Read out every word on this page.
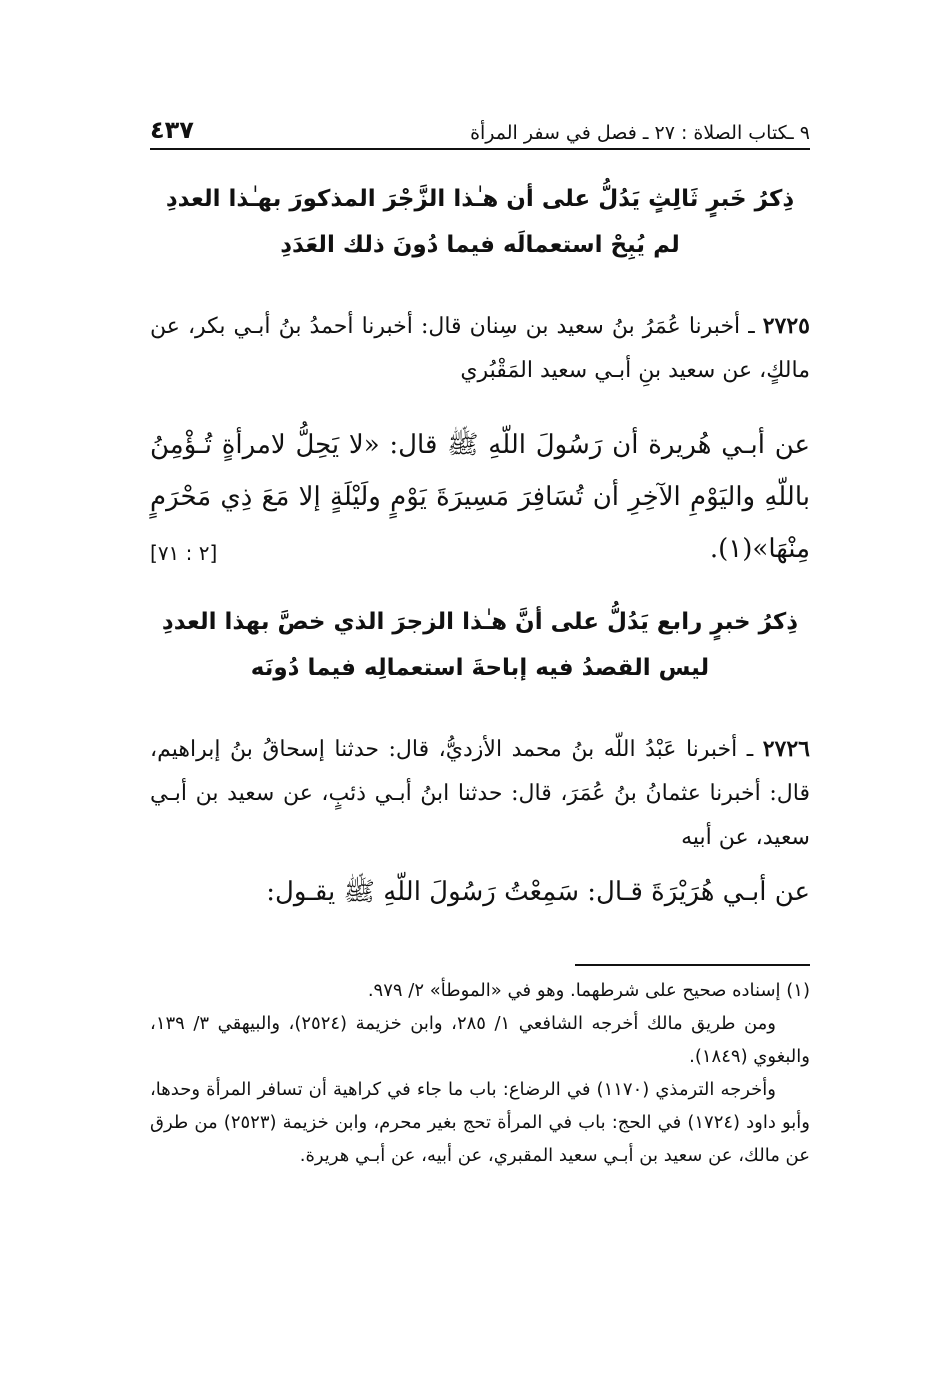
٩ ـكتاب الصلاة : ٢٧ ـ فصل في سفر المرأة
٤٣٧
ذِكرُ خَبرٍ ثَالِثٍ يَدُلُّ على أن هـٰذا الزَّجْرَ المذكورَ بهـٰذا العددِ
لم يُبِحْ استعمالَه فيما دُونَ ذلك العَدَدِ
٢٧٢٥ ـ أخبرنا عُمَرُ بنُ سعيد بن سِنان قال: أخبرنا أحمدُ بنُ أبـي بكر، عن مالكٍ، عن سعيد بنِ أبـي سعيد المَقْبُري
عن أبـي هُريرة أن رَسُولَ اللّهِ ﷺ قال: «لا يَحِلُّ لامرأةٍ تُـؤْمِنُ باللّهِ واليَوْمِ الآخِرِ أن تُسَافِرَ مَسِيرَةَ يَوْمٍ ولَيْلَةٍ إلا مَعَ ذِي مَحْرَمٍ مِنْهَا»(١).
[٢ : ٧١]
ذِكرُ خبرٍ رابع يَدُلُّ على أنَّ هـٰذا الزجرَ الذي خصَّ بهذا العددِ
ليس القصدُ فيه إباحةَ استعمالِه فيما دُونَه
٢٧٢٦ ـ أخبرنا عَبْدُ اللّه بنُ محمد الأزديُّ، قال: حدثنا إسحاقُ بنُ إبراهيم، قال: أخبرنا عثمانُ بنُ عُمَرَ، قال: حدثنا ابنُ أبـي ذئبٍ، عن سعيد بن أبـي سعيد، عن أبيه
عن أبـي هُرَيْرَةَ قـال: سَمِعْتُ رَسُولَ اللّهِ ﷺ يقـول:

(١) إسناده صحيح على شرطهما. وهو في «الموطأ» ٢/ ٩٧٩.

ومن طريق مالك أخرجه الشافعي ١/ ٢٨٥، وابن خزيمة (٢٥٢٤)، والبيهقي ٣/ ١٣٩، والبغوي (١٨٤٩).

وأخرجه الترمذي (١١٧٠) في الرضاع: باب ما جاء في كراهية أن تسافر المرأة وحدها، وأبو داود (١٧٢٤) في الحج: باب في المرأة تحج بغير محرم، وابن خزيمة (٢٥٢٣) من طرق عن مالك، عن سعيد بن أبـي سعيد المقبري، عن أبيه، عن أبـي هريرة.
